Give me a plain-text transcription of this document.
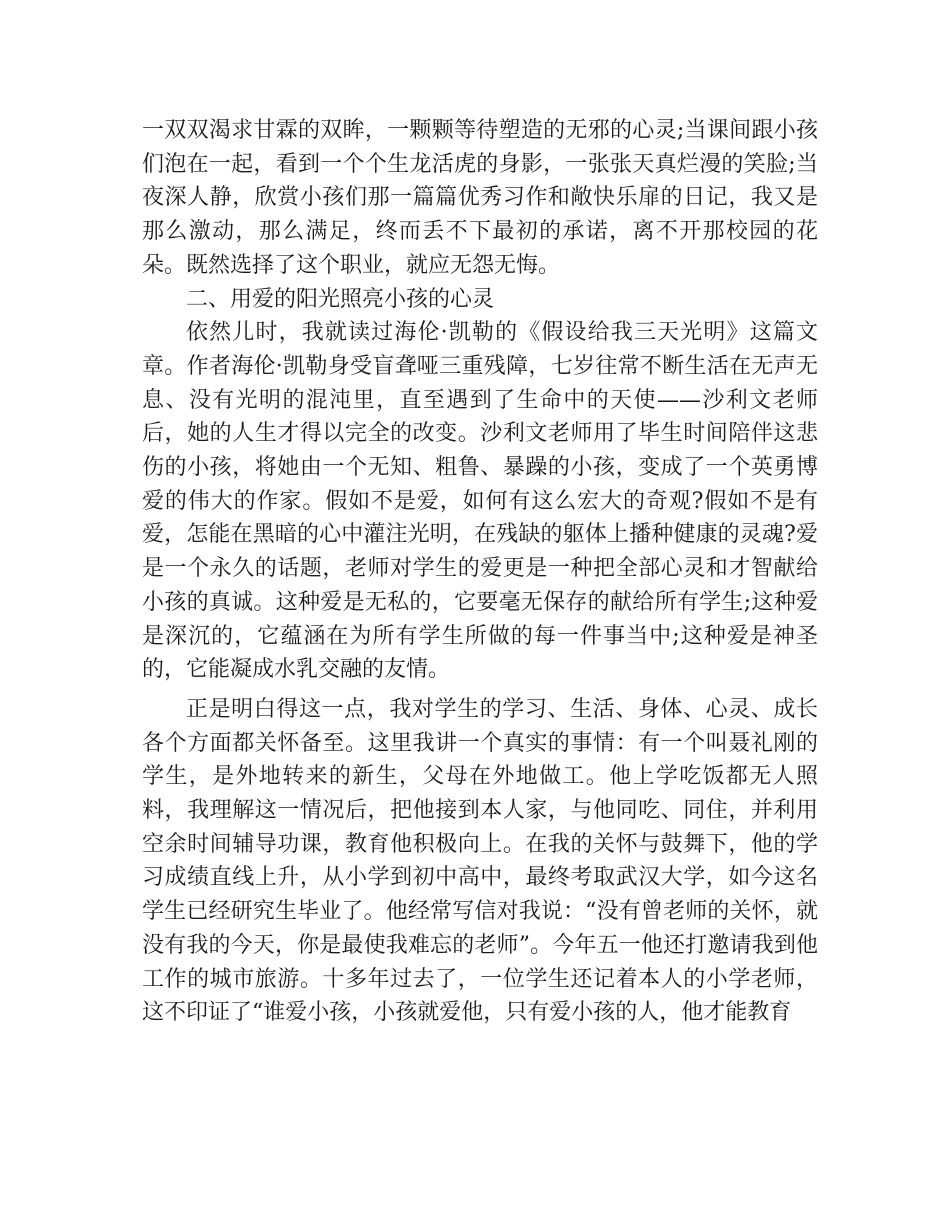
一双双渴求甘霖的双眸，一颗颗等待塑造的无邪的心灵;当课间跟小孩们泡在一起，看到一个个生龙活虎的身影，一张张天真烂漫的笑脸;当夜深人静，欣赏小孩们那一篇篇优秀习作和敞快乐扉的日记，我又是那么激动，那么满足，终而丢不下最初的承诺，离不开那校园的花朵。既然选择了这个职业，就应无怨无悔。

二、用爱的阳光照亮小孩的心灵

依然儿时，我就读过海伦·凯勒的《假设给我三天光明》这篇文章。作者海伦·凯勒身受盲聋哑三重残障，七岁往常不断生活在无声无息、没有光明的混沌里，直至遇到了生命中的天使——沙利文老师后，她的人生才得以完全的改变。沙利文老师用了毕生时间陪伴这悲伤的小孩，将她由一个无知、粗鲁、暴躁的小孩，变成了一个英勇博爱的伟大的作家。假如不是爱，如何有这么宏大的奇观?假如不是有爱，怎能在黑暗的心中灌注光明，在残缺的躯体上播种健康的灵魂?爱是一个永久的话题，老师对学生的爱更是一种把全部心灵和才智献给小孩的真诚。这种爱是无私的，它要毫无保存的献给所有学生;这种爱是深沉的，它蕴涵在为所有学生所做的每一件事当中;这种爱是神圣的，它能凝成水乳交融的友情。

正是明白得这一点，我对学生的学习、生活、身体、心灵、成长各个方面都关怀备至。这里我讲一个真实的事情：有一个叫聂礼刚的学生，是外地转来的新生，父母在外地做工。他上学吃饭都无人照料，我理解这一情况后，把他接到本人家，与他同吃、同住，并利用空余时间辅导功课，教育他积极向上。在我的关怀与鼓舞下，他的学习成绩直线上升，从小学到初中高中，最终考取武汉大学，如今这名学生已经研究生毕业了。他经常写信对我说：“没有曾老师的关怀，就没有我的今天，你是最使我难忘的老师”。今年五一他还打邀请我到他工作的城市旅游。十多年过去了，一位学生还记着本人的小学老师，这不印证了“谁爱小孩，小孩就爱他，只有爱小孩的人，他才能教育
